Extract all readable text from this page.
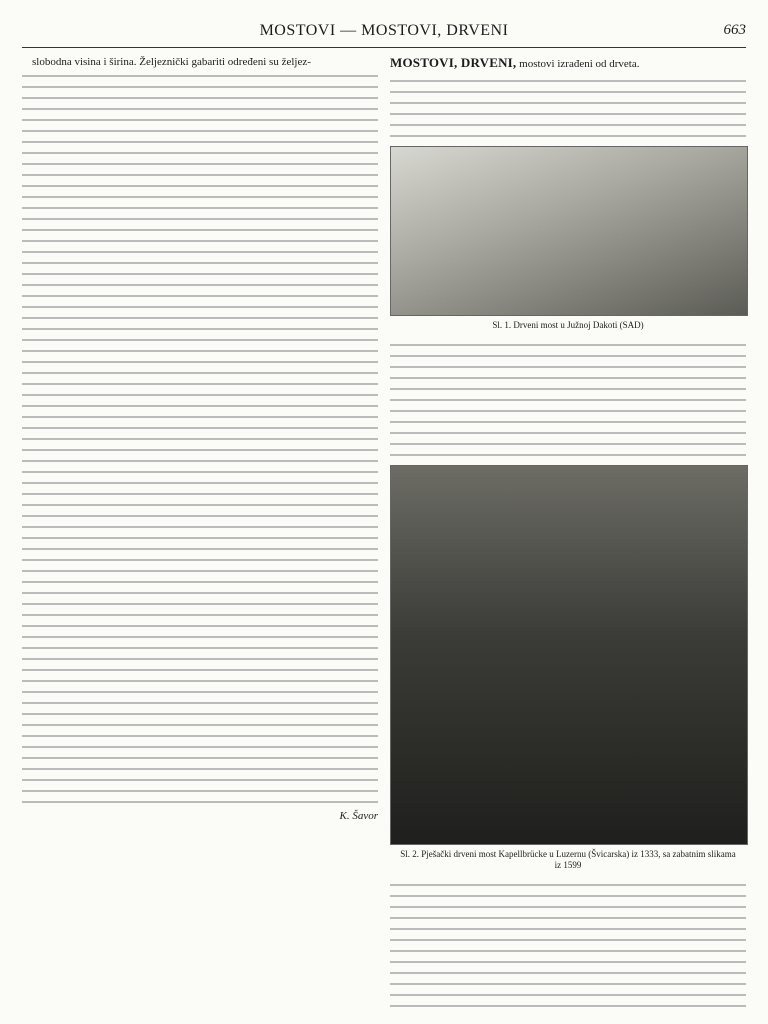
MOSTOVI — MOSTOVI, DRVENI	663

slobodna visina i širina. Željeznički gabariti određeni su željez-

K. Šavor

MOSTOVI, DRVENI, mostovi izrađeni od drveta.

Sl. 1. Drveni most u Južnoj Dakoti (SAD)
Sl. 2. Pješački drveni most Kapellbrücke u Luzernu (Švicarska) iz 1333, sa zabatnim slikama iz 1599
